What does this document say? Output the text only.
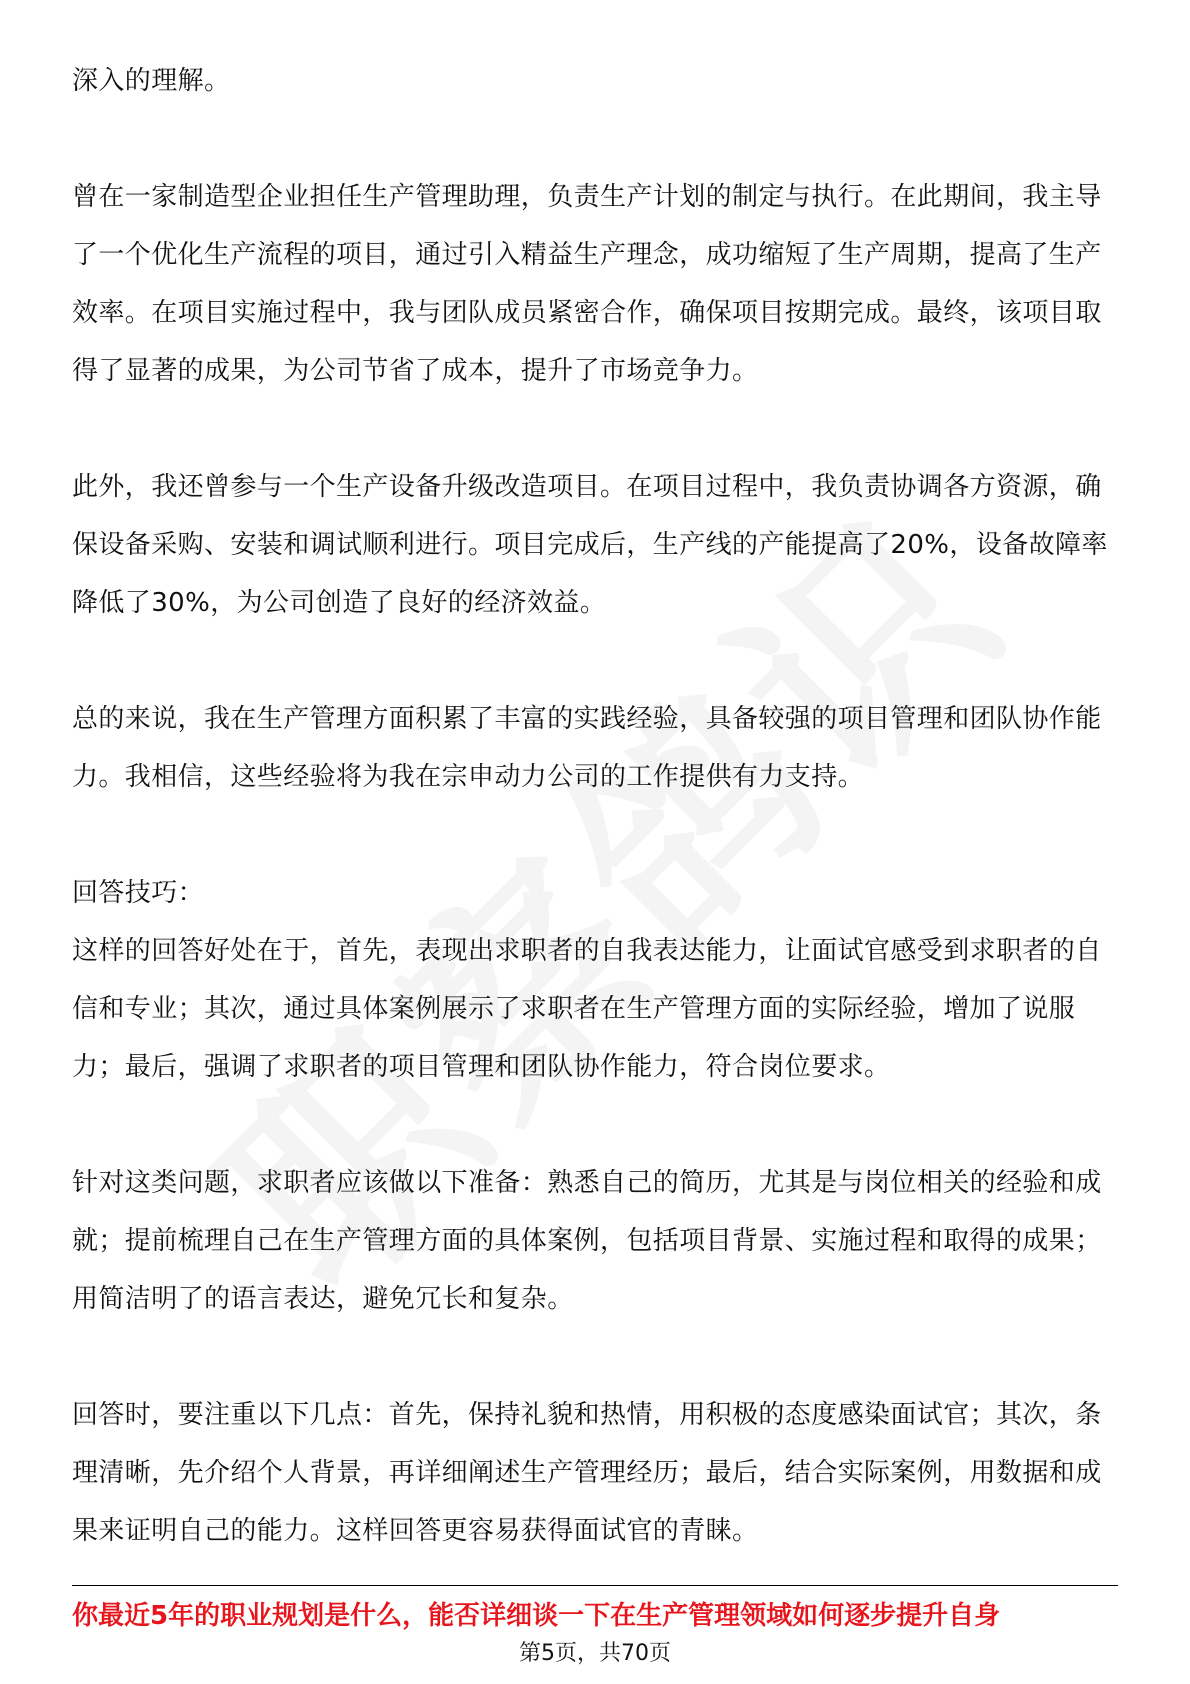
深入的理解。

曾在一家制造型企业担任生产管理助理，负责生产计划的制定与执行。在此期间，我主导了一个优化生产流程的项目，通过引入精益生产理念，成功缩短了生产周期，提高了生产效率。在项目实施过程中，我与团队成员紧密合作，确保项目按期完成。最终，该项目取得了显著的成果，为公司节省了成本，提升了市场竞争力。

此外，我还曾参与一个生产设备升级改造项目。在项目过程中，我负责协调各方资源，确保设备采购、安装和调试顺利进行。项目完成后，生产线的产能提高了20%，设备故障率降低了30%，为公司创造了良好的经济效益。

总的来说，我在生产管理方面积累了丰富的实践经验，具备较强的项目管理和团队协作能力。我相信，这些经验将为我在宗申动力公司的工作提供有力支持。

回答技巧：

这样的回答好处在于，首先，表现出求职者的自我表达能力，让面试官感受到求职者的自信和专业；其次，通过具体案例展示了求职者在生产管理方面的实际经验，增加了说服力；最后，强调了求职者的项目管理和团队协作能力，符合岗位要求。

针对这类问题，求职者应该做以下准备：熟悉自己的简历，尤其是与岗位相关的经验和成就；提前梳理自己在生产管理方面的具体案例，包括项目背景、实施过程和取得的成果；用简洁明了的语言表达，避免冗长和复杂。

回答时，要注重以下几点：首先，保持礼貌和热情，用积极的态度感染面试官；其次，条理清晰，先介绍个人背景，再详细阐述生产管理经历；最后，结合实际案例，用数据和成果来证明自己的能力。这样回答更容易获得面试官的青睐。

你最近5年的职业规划是什么，能否详细谈一下在生产管理领域如何逐步提升自身

第5页，共70页
